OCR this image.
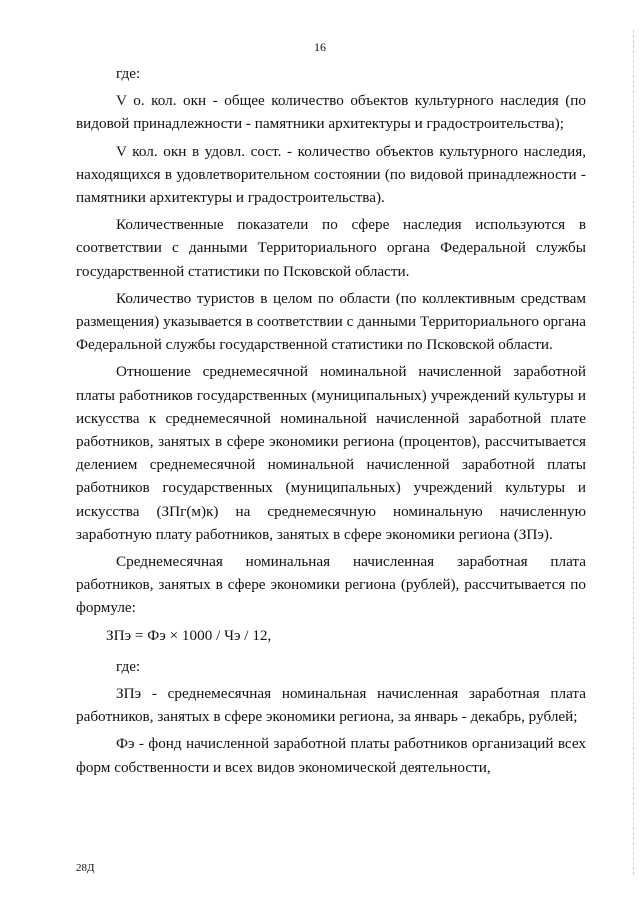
16

где:

V о. кол. окн - общее количество объектов культурного наследия (по видовой принадлежности - памятники архитектуры и градостроительства);

V кол. окн в удовл. сост. - количество объектов культурного наследия, находящихся в удовлетворительном состоянии (по видовой принадлежности - памятники архитектуры и градостроительства).

Количественные показатели по сфере наследия используются в соответствии с данными Территориального органа Федеральной службы государственной статистики по Псковской области.

Количество туристов в целом по области (по коллективным средствам размещения) указывается в соответствии с данными Территориального органа Федеральной службы государственной статистики по Псковской области.

Отношение среднемесячной номинальной начисленной заработной платы работников государственных (муниципальных) учреждений культуры и искусства к среднемесячной номинальной начисленной заработной плате работников, занятых в сфере экономики региона (процентов), рассчитывается делением среднемесячной номинальной начисленной заработной платы работников государственных (муниципальных) учреждений культуры и искусства (ЗПг(м)к) на среднемесячную номинальную начисленную заработную плату работников, занятых в сфере экономики региона (ЗПэ).

Среднемесячная номинальная начисленная заработная плата работников, занятых в сфере экономики региона (рублей), рассчитывается по формуле:

ЗПэ = Фэ × 1000 / Чэ / 12,

где:

ЗПэ - среднемесячная номинальная начисленная заработная плата работников, занятых в сфере экономики региона, за январь - декабрь, рублей;

Фэ - фонд начисленной заработной платы работников организаций всех форм собственности и всех видов экономической деятельности,

28Д
